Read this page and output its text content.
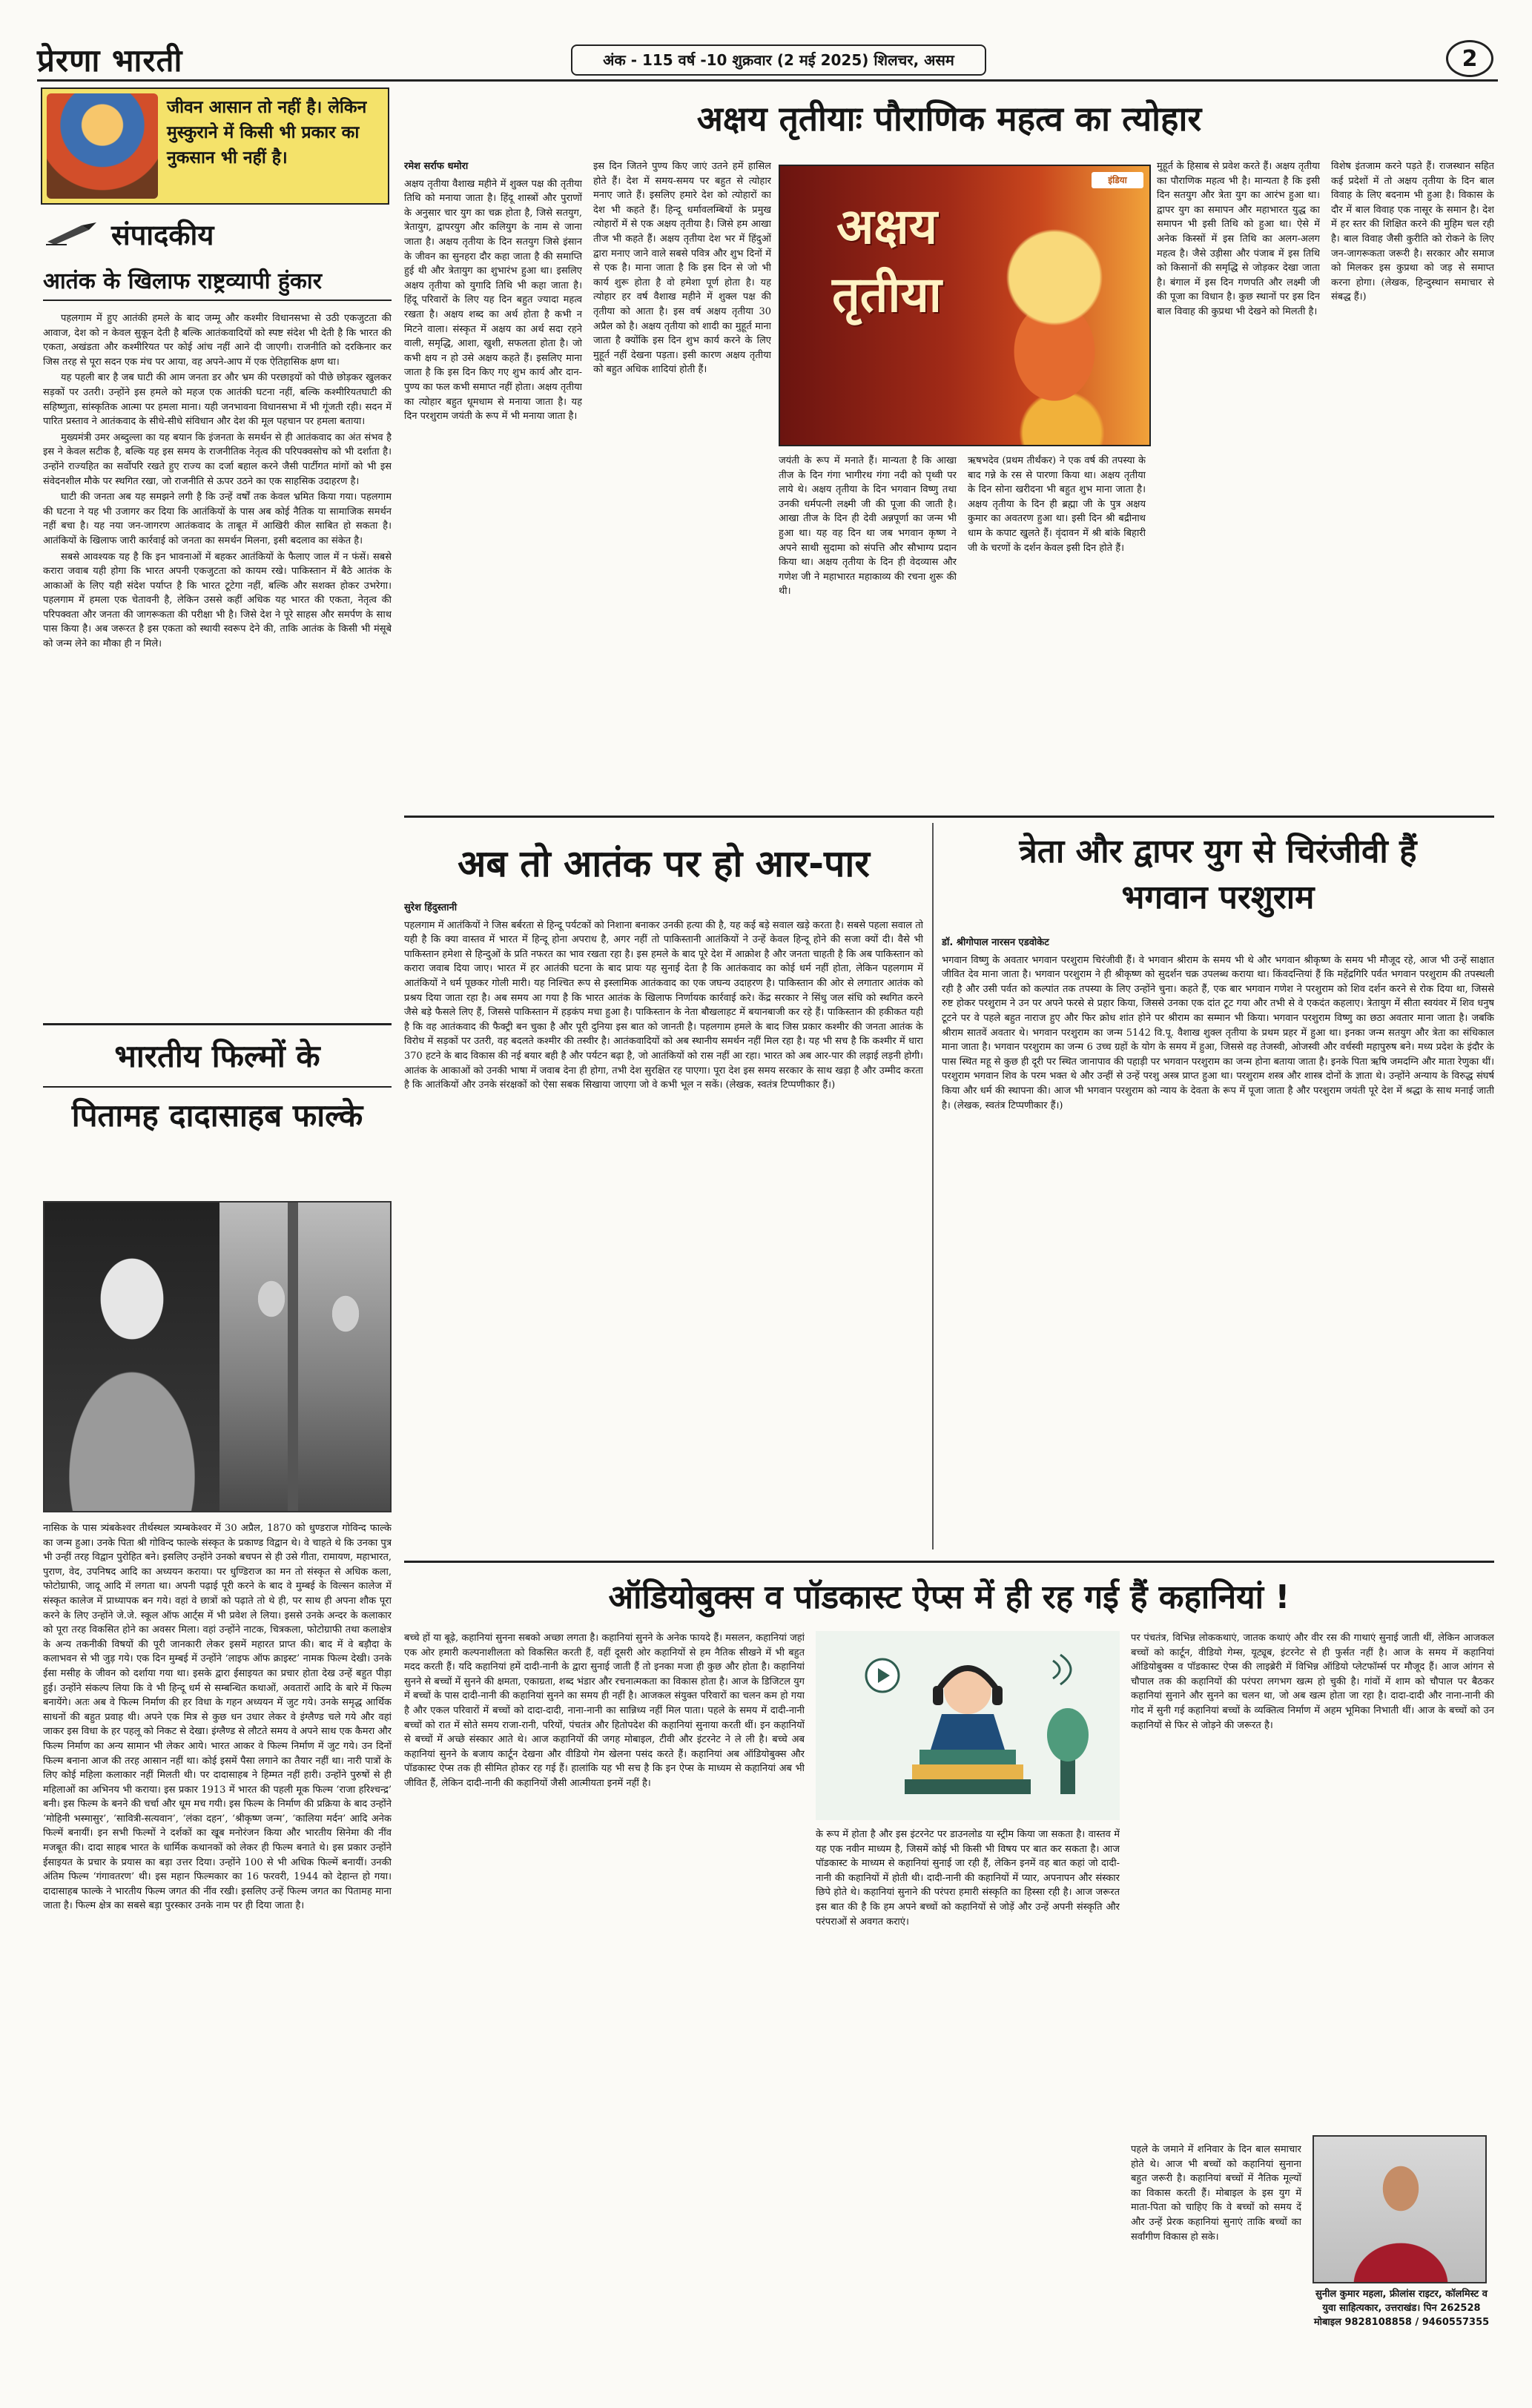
प्रेरणा भारती	अंक - 115 वर्ष -10 शुक्रवार (2 मई 2025) शिलचर, असम	2
जीवन आसान तो नहीं है। लेकिन मुस्कुराने में किसी भी प्रकार का नुकसान भी नहीं है।
संपादकीय
आतंक के खिलाफ राष्ट्रव्यापी हुंकार

पहलगाम में हुए आतंकी हमले के बाद जम्मू और कश्मीर विधानसभा से उठी एकजुटता की आवाज, देश को न केवल सुकून देती है बल्कि आतंकवादियों को स्पष्ट संदेश भी देती है कि भारत की एकता, अखंडता और कश्मीरियत पर कोई आंच नहीं आने दी जाएगी। राजनीति को दरकिनार कर जिस तरह से पूरा सदन एक मंच पर आया, वह अपने-आप में एक ऐतिहासिक क्षण था।

यह पहली बार है जब घाटी की आम जनता डर और भ्रम की परछाइयों को पीछे छोड़कर खुलकर सड़कों पर उतरी। उन्होंने इस हमले को महज एक आतंकी घटना नहीं, बल्कि कश्मीरियतघाटी की सहिष्णुता, सांस्कृतिक आत्मा पर हमला माना। यही जनभावना विधानसभा में भी गूंजती रही। सदन में पारित प्रस्ताव ने आतंकवाद के सीधे-सीधे संविधान और देश की मूल पहचान पर हमला बताया।

मुख्यमंत्री उमर अब्दुल्ला का यह बयान कि इंजनता के समर्थन से ही आतंकवाद का अंत संभव है इस ने केवल सटीक है, बल्कि यह इस समय के राजनीतिक नेतृत्व की परिपक्वसोच को भी दर्शाता है। उन्होंने राज्यहित का सर्वोपरि रखते हुए राज्य का दर्जा बहाल करने जैसी पार्टीगत मांगों को भी इस संवेदनशील मौके पर स्थगित रखा, जो राजनीति से ऊपर उठने का एक साहसिक उदाहरण है।

घाटी की जनता अब यह समझने लगी है कि उन्हें वर्षों तक केवल भ्रमित किया गया। पहलगाम की घटना ने यह भी उजागर कर दिया कि आतंकियों के पास अब कोई नैतिक या सामाजिक समर्थन नहीं बचा है। यह नया जन-जागरण आतंकवाद के ताबूत में आखिरी कील साबित हो सकता है। आतंकियों के खिलाफ जारी कार्रवाई को जनता का समर्थन मिलना, इसी बदलाव का संकेत है।

सबसे आवश्यक यह है कि इन भावनाओं में बहकर आतंकियों के फैलाए जाल में न फंसें। सबसे करारा जवाब यही होगा कि भारत अपनी एकजुटता को कायम रखे। पाकिस्तान में बैठे आतंक के आकाओं के लिए यही संदेश पर्याप्त है कि भारत टूटेगा नहीं, बल्कि और सशक्त होकर उभरेगा। पहलगाम में हमला एक चेतावनी है, लेकिन उससे कहीं अधिक यह भारत की एकता, नेतृत्व की परिपक्वता और जनता की जागरूकता की परीक्षा भी है। जिसे देश ने पूरे साहस और समर्पण के साथ पास किया है। अब जरूरत है इस एकता को स्थायी स्वरूप देने की, ताकि आतंक के किसी भी मंसूबे को जन्म लेने का मौका ही न मिले।

भारतीय फिल्मों के
पितामह दादासाहब फाल्के
नासिक के पास त्र्यंबकेश्वर तीर्थस्थल त्र्यम्बकेश्वर में 30 अप्रैल, 1870 को धुण्डराज गोविन्द फाल्के का जन्म हुआ। उनके पिता श्री गोविन्द फाल्के संस्कृत के प्रकाण्ड विद्वान थे। वे चाहते थे कि उनका पुत्र भी उन्हीं तरह विद्वान पुरोहित बने। इसलिए उन्होंने उनको बचपन से ही उसे गीता, रामायण, महाभारत, पुराण, वेद, उपनिषद आदि का अध्ययन कराया। पर धुण्डिराज का मन तो संस्कृत से अधिक कला, फोटोग्राफी, जादू आदि में लगता था। अपनी पढ़ाई पूरी करने के बाद वे मुम्बई के विल्सन कालेज में संस्कृत कालेज में प्राध्यापक बन गये। वहां वे छात्रों को पढ़ाते तो थे ही, पर साथ ही अपना शौक पूरा करने के लिए उन्होंने जे.जे. स्कूल ऑफ आर्ट्स में भी प्रवेश ले लिया। इससे उनके अन्दर के कलाकार को पूरा तरह विकसित होने का अवसर मिला। वहां उन्होंने नाटक, चित्रकला, फोटोग्राफी तथा कलाक्षेत्र के अन्य तकनीकी विषयों की पूरी जानकारी लेकर इसमें महारत प्राप्त की। बाद में वे बड़ौदा के कलाभवन से भी जुड़ गये। एक दिन मुम्बई में उन्होंने ‘लाइफ ऑफ क्राइस्ट’ नामक फिल्म देखी। उनके ईसा मसीह के जीवन को दर्शाया गया था। इसके द्वारा ईसाइयत का प्रचार होता देख उन्हें बहुत पीड़ा हुई। उन्होंने संकल्प लिया कि वे भी हिन्दू धर्म से सम्बन्धित कथाओं, अवतारों आदि के बारे में फिल्म बनायेंगे। अतः अब वे फिल्म निर्माण की हर विधा के गहन अध्ययन में जुट गये। उनके समृद्ध आर्थिक साधनों की बहुत प्रवाह थी। अपने एक मित्र से कुछ धन उधार लेकर वे इंग्लैण्ड चले गये और वहां जाकर इस विधा के हर पहलू को निकट से देखा। इंग्लैण्ड से लौटते समय वे अपने साथ एक कैमरा और फिल्म निर्माण का अन्य सामान भी लेकर आये। भारत आकर वे फिल्म निर्माण में जुट गये। उन दिनों फिल्म बनाना आज की तरह आसान नहीं था। कोई इसमें पैसा लगाने का तैयार नहीं था। नारी पात्रों के लिए कोई महिला कलाकार नहीं मिलती थी। पर दादासाहब ने हिम्मत नहीं हारी। उन्होंने पुरुषों से ही महिलाओं का अभिनय भी कराया। इस प्रकार 1913 में भारत की पहली मूक फिल्म ‘राजा हरिश्चन्द्र’ बनी। इस फिल्म के बनने की चर्चा और धूम मच गयी। इस फिल्म के निर्माण की प्रक्रिया के बाद उन्होंने ‘मोहिनी भस्मासुर’, ‘सावित्री-सत्यवान’, ‘लंका दहन’, ‘श्रीकृष्ण जन्म’, ‘कालिया मर्दन’ आदि अनेक फिल्में बनायीं। इन सभी फिल्मों ने दर्शकों का खूब मनोरंजन किया और भारतीय सिनेमा की नींव मजबूत की। दादा साहब भारत के धार्मिक कथानकों को लेकर ही फिल्म बनाते थे। इस प्रकार उन्होंने ईसाइयत के प्रचार के प्रयास का बड़ा उत्तर दिया। उन्होंने 100 से भी अधिक फिल्में बनायीं। उनकी अंतिम फिल्म ‘गंगावतरण’ थी। इस महान फिल्मकार का 16 फरवरी, 1944 को देहान्त हो गया। दादासाहब फाल्के ने भारतीय फिल्म जगत की नींव रखी। इसलिए उन्हें फिल्म जगत का पितामह माना जाता है। फिल्म क्षेत्र का सबसे बड़ा पुरस्कार उनके नाम पर ही दिया जाता है।
अक्षय तृतीयाः पौराणिक महत्व का त्योहार
रमेश सर्राफ धमोरा
अक्षय तृतीया वैशाख महीने में शुक्ल पक्ष की तृतीया तिथि को मनाया जाता है। हिंदू शास्त्रों और पुराणों के अनुसार चार युग का चक्र होता है, जिसे सतयुग, त्रेतायुग, द्वापरयुग और कलियुग के नाम से जाना जाता है। अक्षय तृतीया के दिन सतयुग जिसे इंसान के जीवन का सुनहरा दौर कहा जाता है की समाप्ति हुई थी और त्रेतायुग का शुभारंभ हुआ था। इसलिए अक्षय तृतीया को युगादि तिथि भी कहा जाता है। हिंदू परिवारों के लिए यह दिन बहुत ज्यादा महत्व रखता है। अक्षय शब्द का अर्थ होता है कभी न मिटने वाला। संस्कृत में अक्षय का अर्थ सदा रहने वाली, समृद्धि, आशा, खुशी, सफलता होता है। जो कभी क्षय न हो उसे अक्षय कहते हैं। इसलिए माना जाता है कि इस दिन किए गए शुभ कार्य और दान-पुण्य का फल कभी समाप्त नहीं होता। अक्षय तृतीया का त्योहार बहुत धूमधाम से मनाया जाता है। यह दिन परशुराम जयंती के रूप में भी मनाया जाता है।
इस दिन जितने पुण्य किए जाएं उतने हमें हासिल होते हैं। देश में समय-समय पर बहुत से त्योहार मनाए जाते हैं। इसलिए हमारे देश को त्योहारों का देश भी कहते हैं। हिन्दू धर्मावलम्बियों के प्रमुख त्योहारों में से एक अक्षय तृतीया है। जिसे हम आखा तीज भी कहते हैं। अक्षय तृतीया देश भर में हिंदुओं द्वारा मनाए जाने वाले सबसे पवित्र और शुभ दिनों में से एक है। माना जाता है कि इस दिन से जो भी कार्य शुरू होता है वो हमेशा पूर्ण होता है। यह त्योहार हर वर्ष वैशाख महीने में शुक्ल पक्ष की तृतीया को आता है। इस वर्ष अक्षय तृतीया 30 अप्रैल को है। अक्षय तृतीया को शादी का मुहूर्त माना जाता है क्योंकि इस दिन शुभ कार्य करने के लिए मुहूर्त नहीं देखना पड़ता। इसी कारण अक्षय तृतीया को बहुत अधिक शादियां होती हैं।
अक्षय तृतीया
इंडिया
जयंती के रूप में मनाते हैं। मान्यता है कि आखा तीज के दिन गंगा भागीरथ गंगा नदी को पृथ्वी पर लाये थे। अक्षय तृतीया के दिन भगवान विष्णु तथा उनकी धर्मपत्नी लक्ष्मी जी की पूजा की जाती है। आखा तीज के दिन ही देवी अन्नपूर्णा का जन्म भी हुआ था। यह वह दिन था जब भगवान कृष्ण ने अपने साथी सुदामा को संपत्ति और सौभाग्य प्रदान किया था। अक्षय तृतीया के दिन ही वेदव्यास और गणेश जी ने महाभारत महाकाव्य की रचना शुरू की थी।
ऋषभदेव (प्रथम तीर्थंकर) ने एक वर्ष की तपस्या के बाद गन्ने के रस से पारणा किया था। अक्षय तृतीया के दिन सोना खरीदना भी बहुत शुभ माना जाता है। अक्षय तृतीया के दिन ही ब्रह्मा जी के पुत्र अक्षय कुमार का अवतरण हुआ था। इसी दिन श्री बद्रीनाथ धाम के कपाट खुलते हैं। वृंदावन में श्री बांके बिहारी जी के चरणों के दर्शन केवल इसी दिन होते हैं।
मुहूर्त के हिसाब से प्रवेश करते हैं। अक्षय तृतीया का पौराणिक महत्व भी है। मान्यता है कि इसी दिन सतयुग और त्रेता युग का आरंभ हुआ था। द्वापर युग का समापन और महाभारत युद्ध का समापन भी इसी तिथि को हुआ था। ऐसे में अनेक किस्सों में इस तिथि का अलग-अलग महत्व है। जैसे उड़ीसा और पंजाब में इस तिथि को किसानों की समृद्धि से जोड़कर देखा जाता है। बंगाल में इस दिन गणपति और लक्ष्मी जी की पूजा का विधान है। कुछ स्थानों पर इस दिन बाल विवाह की कुप्रथा भी देखने को मिलती है।
विशेष इंतजाम करने पड़ते हैं। राजस्थान सहित कई प्रदेशों में तो अक्षय तृतीया के दिन बाल विवाह के लिए बदनाम भी हुआ है। विकास के दौर में बाल विवाह एक नासूर के समान है। देश में हर स्तर की शिक्षित करने की मुहिम चल रही है। बाल विवाह जैसी कुरीति को रोकने के लिए जन-जागरूकता जरूरी है। सरकार और समाज को मिलकर इस कुप्रथा को जड़ से समाप्त करना होगा। (लेखक, हिन्दुस्थान समाचार से संबद्ध हैं।)
अब तो आतंक पर हो आर-पार
सुरेश हिंदुस्तानी
पहलगाम में आतंकियों ने जिस बर्बरता से हिन्दू पर्यटकों को निशाना बनाकर उनकी हत्या की है, यह कई बड़े सवाल खड़े करता है। सबसे पहला सवाल तो यही है कि क्या वास्तव में भारत में हिन्दू होना अपराध है, अगर नहीं तो पाकिस्तानी आतंकियों ने उन्हें केवल हिन्दू होने की सजा क्यों दी। वैसे भी पाकिस्तान हमेशा से हिन्दुओं के प्रति नफरत का भाव रखता रहा है। इस हमले के बाद पूरे देश में आक्रोश है और जनता चाहती है कि अब पाकिस्तान को करारा जवाब दिया जाए। भारत में हर आतंकी घटना के बाद प्रायः यह सुनाई देता है कि आतंकवाद का कोई धर्म नहीं होता, लेकिन पहलगाम में आतंकियों ने धर्म पूछकर गोली मारी। यह निश्चित रूप से इस्लामिक आतंकवाद का एक जघन्य उदाहरण है। पाकिस्तान की ओर से लगातार आतंक को प्रश्रय दिया जाता रहा है। अब समय आ गया है कि भारत आतंक के खिलाफ निर्णायक कार्रवाई करे। केंद्र सरकार ने सिंधु जल संधि को स्थगित करने जैसे बड़े फैसले लिए हैं, जिससे पाकिस्तान में हड़कंप मचा हुआ है। पाकिस्तान के नेता बौखलाहट में बयानबाजी कर रहे हैं। पाकिस्तान की हकीकत यही है कि वह आतंकवाद की फैक्ट्री बन चुका है और पूरी दुनिया इस बात को जानती है। पहलगाम हमले के बाद जिस प्रकार कश्मीर की जनता आतंक के विरोध में सड़कों पर उतरी, वह बदलते कश्मीर की तस्वीर है। आतंकवादियों को अब स्थानीय समर्थन नहीं मिल रहा है। यह भी सच है कि कश्मीर में धारा 370 हटने के बाद विकास की नई बयार बही है और पर्यटन बढ़ा है, जो आतंकियों को रास नहीं आ रहा। भारत को अब आर-पार की लड़ाई लड़नी होगी। आतंक के आकाओं को उनकी भाषा में जवाब देना ही होगा, तभी देश सुरक्षित रह पाएगा। पूरा देश इस समय सरकार के साथ खड़ा है और उम्मीद करता है कि आतंकियों और उनके संरक्षकों को ऐसा सबक सिखाया जाएगा जो वे कभी भूल न सकें। (लेखक, स्वतंत्र टिप्पणीकार हैं।)
त्रेता और द्वापर युग से चिरंजीवी हैं
भगवान परशुराम
डॉ. श्रीगोपाल नारसन एडवोकेट
भगवान विष्णु के अवतार भगवान परशुराम चिरंजीवी हैं। वे भगवान श्रीराम के समय भी थे और भगवान श्रीकृष्ण के समय भी मौजूद रहे, आज भी उन्हें साक्षात जीवित देव माना जाता है। भगवान परशुराम ने ही श्रीकृष्ण को सुदर्शन चक्र उपलब्ध कराया था। किंवदन्तियां हैं कि महेंद्रगिरि पर्वत भगवान परशुराम की तपस्थली रही है और उसी पर्वत को कल्पांत तक तपस्या के लिए उन्होंने चुना। कहते हैं, एक बार भगवान गणेश ने परशुराम को शिव दर्शन करने से रोक दिया था, जिससे रुष्ट होकर परशुराम ने उन पर अपने फरसे से प्रहार किया, जिससे उनका एक दांत टूट गया और तभी से वे एकदंत कहलाए। त्रेतायुग में सीता स्वयंवर में शिव धनुष टूटने पर वे पहले बहुत नाराज हुए और फिर क्रोध शांत होने पर श्रीराम का सम्मान भी किया। भगवान परशुराम विष्णु का छठा अवतार माना जाता है। जबकि श्रीराम सातवें अवतार थे। भगवान परशुराम का जन्म 5142 वि.पू. वैशाख शुक्ल तृतीया के प्रथम प्रहर में हुआ था। इनका जन्म सतयुग और त्रेता का संधिकाल माना जाता है। भगवान परशुराम का जन्म 6 उच्च ग्रहों के योग के समय में हुआ, जिससे वह तेजस्वी, ओजस्वी और वर्चस्वी महापुरुष बने। मध्य प्रदेश के इंदौर के पास स्थित महू से कुछ ही दूरी पर स्थित जानापाव की पहाड़ी पर भगवान परशुराम का जन्म होना बताया जाता है। इनके पिता ऋषि जमदग्नि और माता रेणुका थीं। परशुराम भगवान शिव के परम भक्त थे और उन्हीं से उन्हें परशु अस्त्र प्राप्त हुआ था। परशुराम शस्त्र और शास्त्र दोनों के ज्ञाता थे। उन्होंने अन्याय के विरुद्ध संघर्ष किया और धर्म की स्थापना की। आज भी भगवान परशुराम को न्याय के देवता के रूप में पूजा जाता है और परशुराम जयंती पूरे देश में श्रद्धा के साथ मनाई जाती है। (लेखक, स्वतंत्र टिप्पणीकार हैं।)
ऑडियोबुक्स व पॉडकास्ट ऐप्स में ही रह गई हैं कहानियां !
बच्चे हों या बूढ़े, कहानियां सुनना सबको अच्छा लगता है। कहानियां सुनने के अनेक फायदे हैं। मसलन, कहानियां जहां एक ओर हमारी कल्पनाशीलता को विकसित करती हैं, वहीं दूसरी ओर कहानियों से हम नैतिक सीखने में भी बहुत मदद करती हैं। यदि कहानियां हमें दादी-नानी के द्वारा सुनाई जाती हैं तो इनका मजा ही कुछ और होता है। कहानियां सुनने से बच्चों में सुनने की क्षमता, एकाग्रता, शब्द भंडार और रचनात्मकता का विकास होता है। आज के डिजिटल युग में बच्चों के पास दादी-नानी की कहानियां सुनने का समय ही नहीं है। आजकल संयुक्त परिवारों का चलन कम हो गया है और एकल परिवारों में बच्चों को दादा-दादी, नाना-नानी का सान्निध्य नहीं मिल पाता। पहले के समय में दादी-नानी बच्चों को रात में सोते समय राजा-रानी, परियों, पंचतंत्र और हितोपदेश की कहानियां सुनाया करती थीं। इन कहानियों से बच्चों में अच्छे संस्कार आते थे। आज कहानियों की जगह मोबाइल, टीवी और इंटरनेट ने ले ली है। बच्चे अब कहानियां सुनने के बजाय कार्टून देखना और वीडियो गेम खेलना पसंद करते हैं। कहानियां अब ऑडियोबुक्स और पॉडकास्ट ऐप्स तक ही सीमित होकर रह गई हैं। हालांकि यह भी सच है कि इन ऐप्स के माध्यम से कहानियां अब भी जीवित हैं, लेकिन दादी-नानी की कहानियों जैसी आत्मीयता इनमें नहीं है।
के रूप में होता है और इस इंटरनेट पर डाउनलोड या स्ट्रीम किया जा सकता है। वास्तव में यह एक नवीन माध्यम है, जिसमें कोई भी किसी भी विषय पर बात कर सकता है। आज पॉडकास्ट के माध्यम से कहानियां सुनाई जा रही हैं, लेकिन इनमें वह बात कहां जो दादी-नानी की कहानियों में होती थी। दादी-नानी की कहानियों में प्यार, अपनापन और संस्कार छिपे होते थे। कहानियां सुनाने की परंपरा हमारी संस्कृति का हिस्सा रही है। आज जरूरत इस बात की है कि हम अपने बच्चों को कहानियों से जोड़ें और उन्हें अपनी संस्कृति और परंपराओं से अवगत कराएं।
पर पंचतंत्र, विभिन्न लोककथाएं, जातक कथाएं और वीर रस की गाथाएं सुनाई जाती थीं, लेकिन आजकल बच्चों को कार्टून, वीडियो गेम्स, यूट्यूब, इंटरनेट से ही फुर्सत नहीं है। आज के समय में कहानियां ऑडियोबुक्स व पॉडकास्ट ऐप्स की लाइब्रेरी में विभिन्न ऑडियो प्लेटफॉर्म्स पर मौजूद हैं। आज आंगन से चौपाल तक की कहानियों की परंपरा लगभग खत्म हो चुकी है। गांवों में शाम को चौपाल पर बैठकर कहानियां सुनाने और सुनने का चलन था, जो अब खत्म होता जा रहा है। दादा-दादी और नाना-नानी की गोद में सुनी गई कहानियां बच्चों के व्यक्तित्व निर्माण में अहम भूमिका निभाती थीं। आज के बच्चों को उन कहानियों से फिर से जोड़ने की जरूरत है।
पहले के जमाने में शनिवार के दिन बाल समाचार होते थे। आज भी बच्चों को कहानियां सुनाना बहुत जरूरी है। कहानियां बच्चों में नैतिक मूल्यों का विकास करती हैं। मोबाइल के इस युग में माता-पिता को चाहिए कि वे बच्चों को समय दें और उन्हें प्रेरक कहानियां सुनाएं ताकि बच्चों का सर्वांगीण विकास हो सके।
सुनील कुमार महला, फ्रीलांस राइटर, कॉलमिस्ट व युवा साहित्यकार, उत्तराखंड। पिन 262528 मोबाइल 9828108858 / 9460557355
